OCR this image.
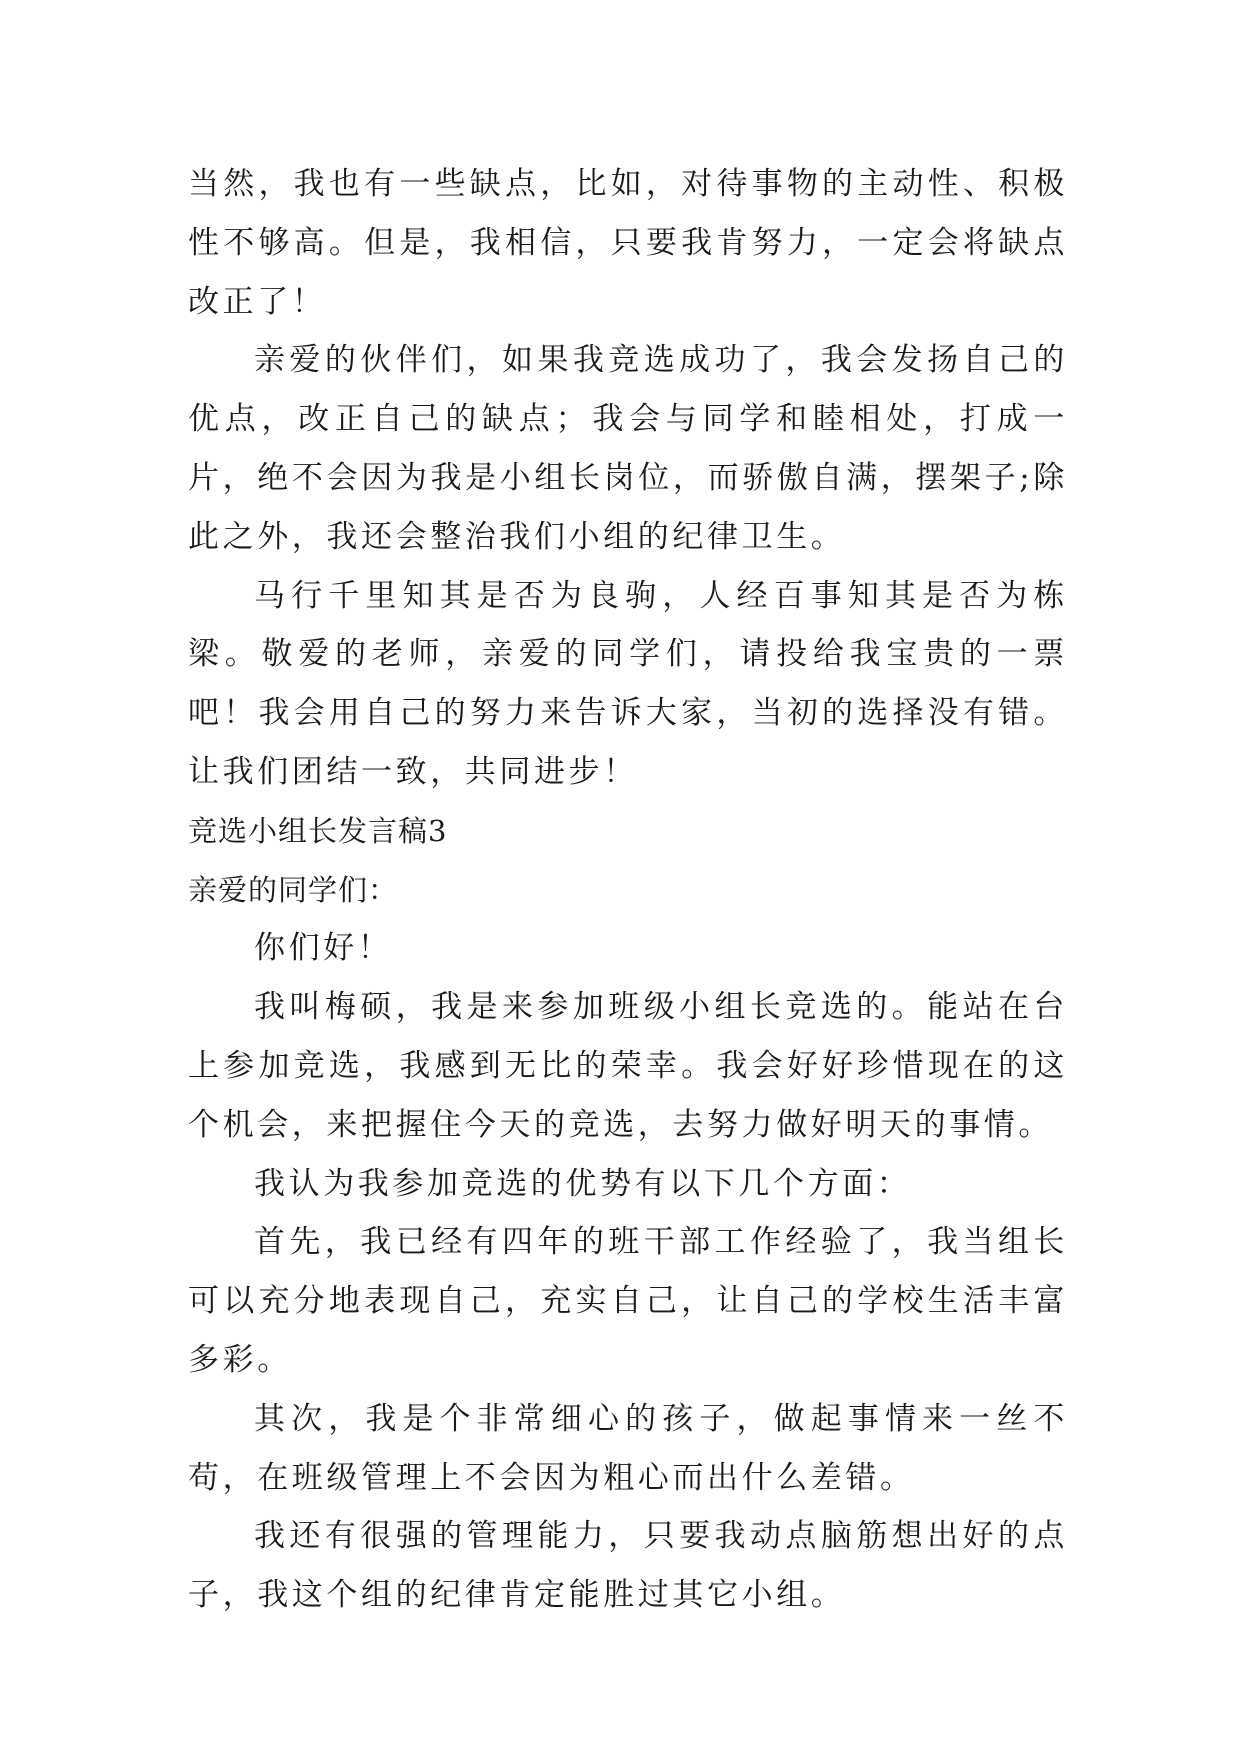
当然，我也有一些缺点，比如，对待事物的主动性、积极性不够高。但是，我相信，只要我肯努力，一定会将缺点改正了！

亲爱的伙伴们，如果我竞选成功了，我会发扬自己的优点，改正自己的缺点；我会与同学和睦相处，打成一片，绝不会因为我是小组长岗位，而骄傲自满，摆架子;除此之外，我还会整治我们小组的纪律卫生。

马行千里知其是否为良驹，人经百事知其是否为栋梁。敬爱的老师，亲爱的同学们，请投给我宝贵的一票吧！我会用自己的努力来告诉大家，当初的选择没有错。让我们团结一致，共同进步！

竞选小组长发言稿3

亲爱的同学们：

你们好！

我叫梅硕，我是来参加班级小组长竞选的。能站在台上参加竞选，我感到无比的荣幸。我会好好珍惜现在的这个机会，来把握住今天的竞选，去努力做好明天的事情。

我认为我参加竞选的优势有以下几个方面：

首先，我已经有四年的班干部工作经验了，我当组长可以充分地表现自己，充实自己，让自己的学校生活丰富多彩。

其次，我是个非常细心的孩子，做起事情来一丝不苟，在班级管理上不会因为粗心而出什么差错。

我还有很强的管理能力，只要我动点脑筋想出好的点子，我这个组的纪律肯定能胜过其它小组。
